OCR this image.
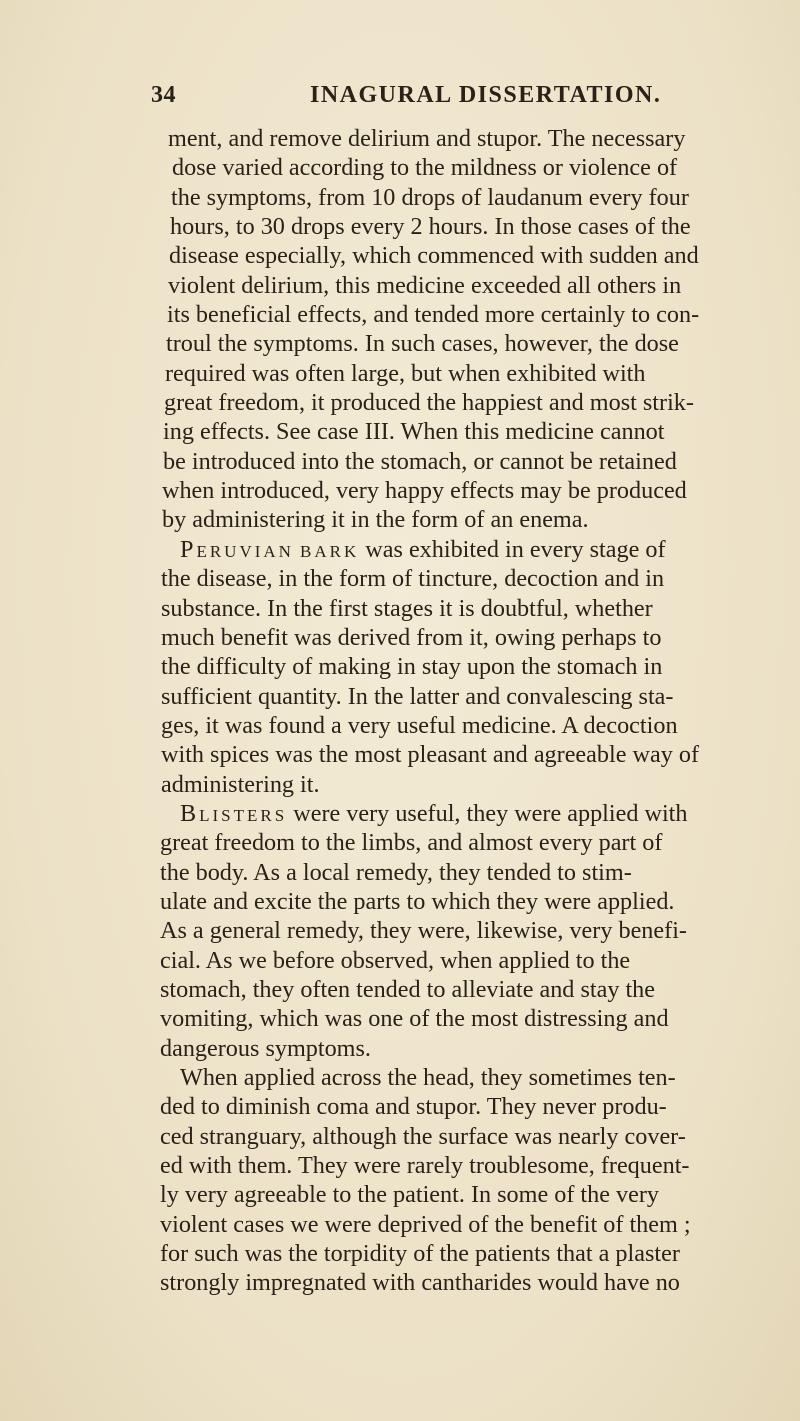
34	INAGURAL DISSERTATION.
ment, and remove delirium and stupor. The necessary
dose varied according to the mildness or violence of
the symptoms, from 10 drops of laudanum every four
hours, to 30 drops every 2 hours. In those cases of the
disease especially, which commenced with sudden and
violent delirium, this medicine exceeded all others in
its beneficial effects, and tended more certainly to con-
troul the symptoms. In such cases, however, the dose
required was often large, but when exhibited with
great freedom, it produced the happiest and most strik-
ing effects. See case III. When this medicine cannot
be introduced into the stomach, or cannot be retained
when introduced, very happy effects may be produced
by administering it in the form of an enema.
PERUVIAN BARK was exhibited in every stage of
the disease, in the form of tincture, decoction and in
substance. In the first stages it is doubtful, whether
much benefit was derived from it, owing perhaps to
the difficulty of making in stay upon the stomach in
sufficient quantity. In the latter and convalescing sta-
ges, it was found a very useful medicine. A decoction
with spices was the most pleasant and agreeable way of
administering it.
BLISTERS were very useful, they were applied with
great freedom to the limbs, and almost every part of
the body. As a local remedy, they tended to stim-
ulate and excite the parts to which they were applied.
As a general remedy, they were, likewise, very benefi-
cial. As we before observed, when applied to the
stomach, they often tended to alleviate and stay the
vomiting, which was one of the most distressing and
dangerous symptoms.
When applied across the head, they sometimes ten-
ded to diminish coma and stupor. They never produ-
ced stranguary, although the surface was nearly cover-
ed with them. They were rarely troublesome, frequent-
ly very agreeable to the patient. In some of the very
violent cases we were deprived of the benefit of them ;
for such was the torpidity of the patients that a plaster
strongly impregnated with cantharides would have no
